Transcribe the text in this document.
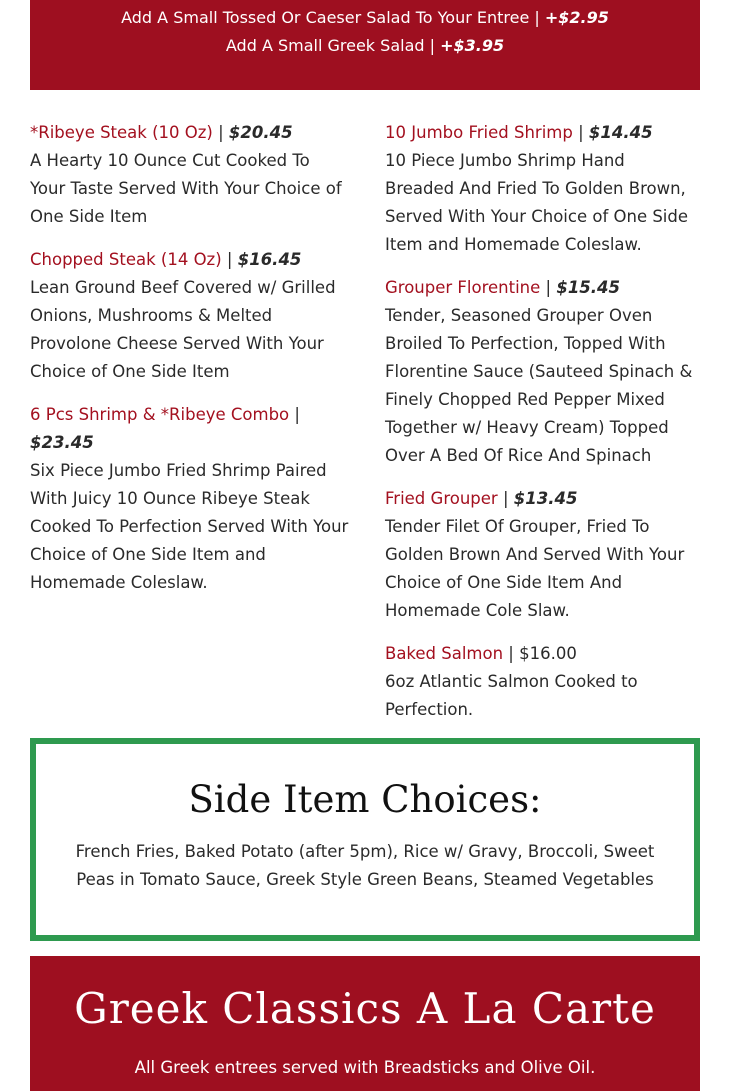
Add A Small Tossed Or Caeser Salad To Your Entree | +$2.95
Add A Small Greek Salad | +$3.95
*Ribeye Steak (10 Oz) | $20.45
A Hearty 10 Ounce Cut Cooked To Your Taste Served With Your Choice of One Side Item
Chopped Steak (14 Oz) | $16.45
Lean Ground Beef Covered w/ Grilled Onions, Mushrooms & Melted Provolone Cheese Served With Your Choice of One Side Item
6 Pcs Shrimp & *Ribeye Combo | $23.45
Six Piece Jumbo Fried Shrimp Paired With Juicy 10 Ounce Ribeye Steak Cooked To Perfection Served With Your Choice of One Side Item and Homemade Coleslaw.
10 Jumbo Fried Shrimp | $14.45
10 Piece Jumbo Shrimp Hand Breaded And Fried To Golden Brown, Served With Your Choice of One Side Item and Homemade Coleslaw.
Grouper Florentine | $15.45
Tender, Seasoned Grouper Oven Broiled To Perfection, Topped With Florentine Sauce (Sauteed Spinach & Finely Chopped Red Pepper Mixed Together w/ Heavy Cream) Topped Over A Bed Of Rice And Spinach
Fried Grouper | $13.45
Tender Filet Of Grouper, Fried To Golden Brown And Served With Your Choice of One Side Item And Homemade Cole Slaw.
Baked Salmon | $16.00
6oz Atlantic Salmon Cooked to Perfection.
Side Item Choices:
French Fries, Baked Potato (after 5pm), Rice w/ Gravy, Broccoli, Sweet Peas in Tomato Sauce, Greek Style Green Beans, Steamed Vegetables
Greek Classics A La Carte
All Greek entrees served with Breadsticks and Olive Oil.
